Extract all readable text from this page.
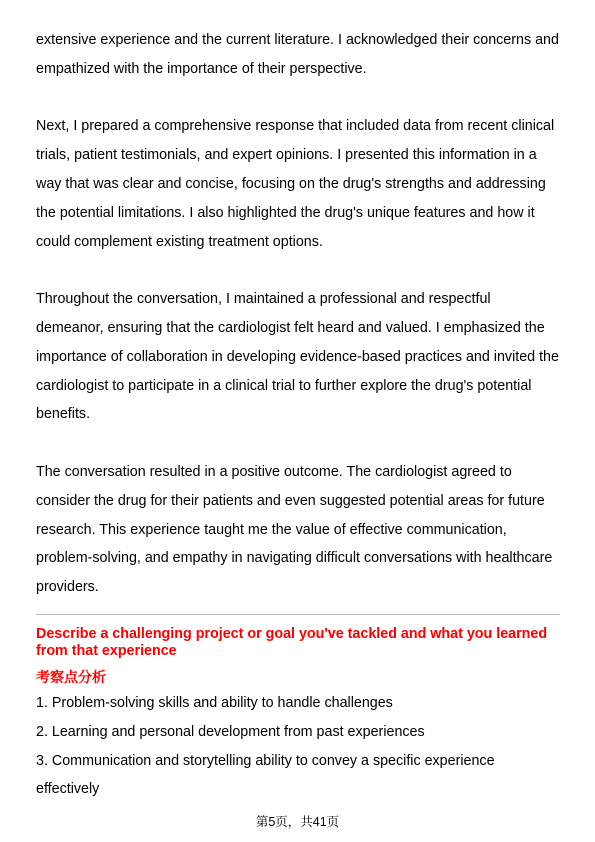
extensive experience and the current literature. I acknowledged their concerns and empathized with the importance of their perspective.

Next, I prepared a comprehensive response that included data from recent clinical trials, patient testimonials, and expert opinions. I presented this information in a way that was clear and concise, focusing on the drug's strengths and addressing the potential limitations. I also highlighted the drug's unique features and how it could complement existing treatment options.

Throughout the conversation, I maintained a professional and respectful demeanor, ensuring that the cardiologist felt heard and valued. I emphasized the importance of collaboration in developing evidence-based practices and invited the cardiologist to participate in a clinical trial to further explore the drug's potential benefits.

The conversation resulted in a positive outcome. The cardiologist agreed to consider the drug for their patients and even suggested potential areas for future research. This experience taught me the value of effective communication, problem-solving, and empathy in navigating difficult conversations with healthcare providers.

Describe a challenging project or goal you've tackled and what you learned from that experience
考察点分析
1. Problem-solving skills and ability to handle challenges
2. Learning and personal development from past experiences
3. Communication and storytelling ability to convey a specific experience effectively
第5页，共41页
